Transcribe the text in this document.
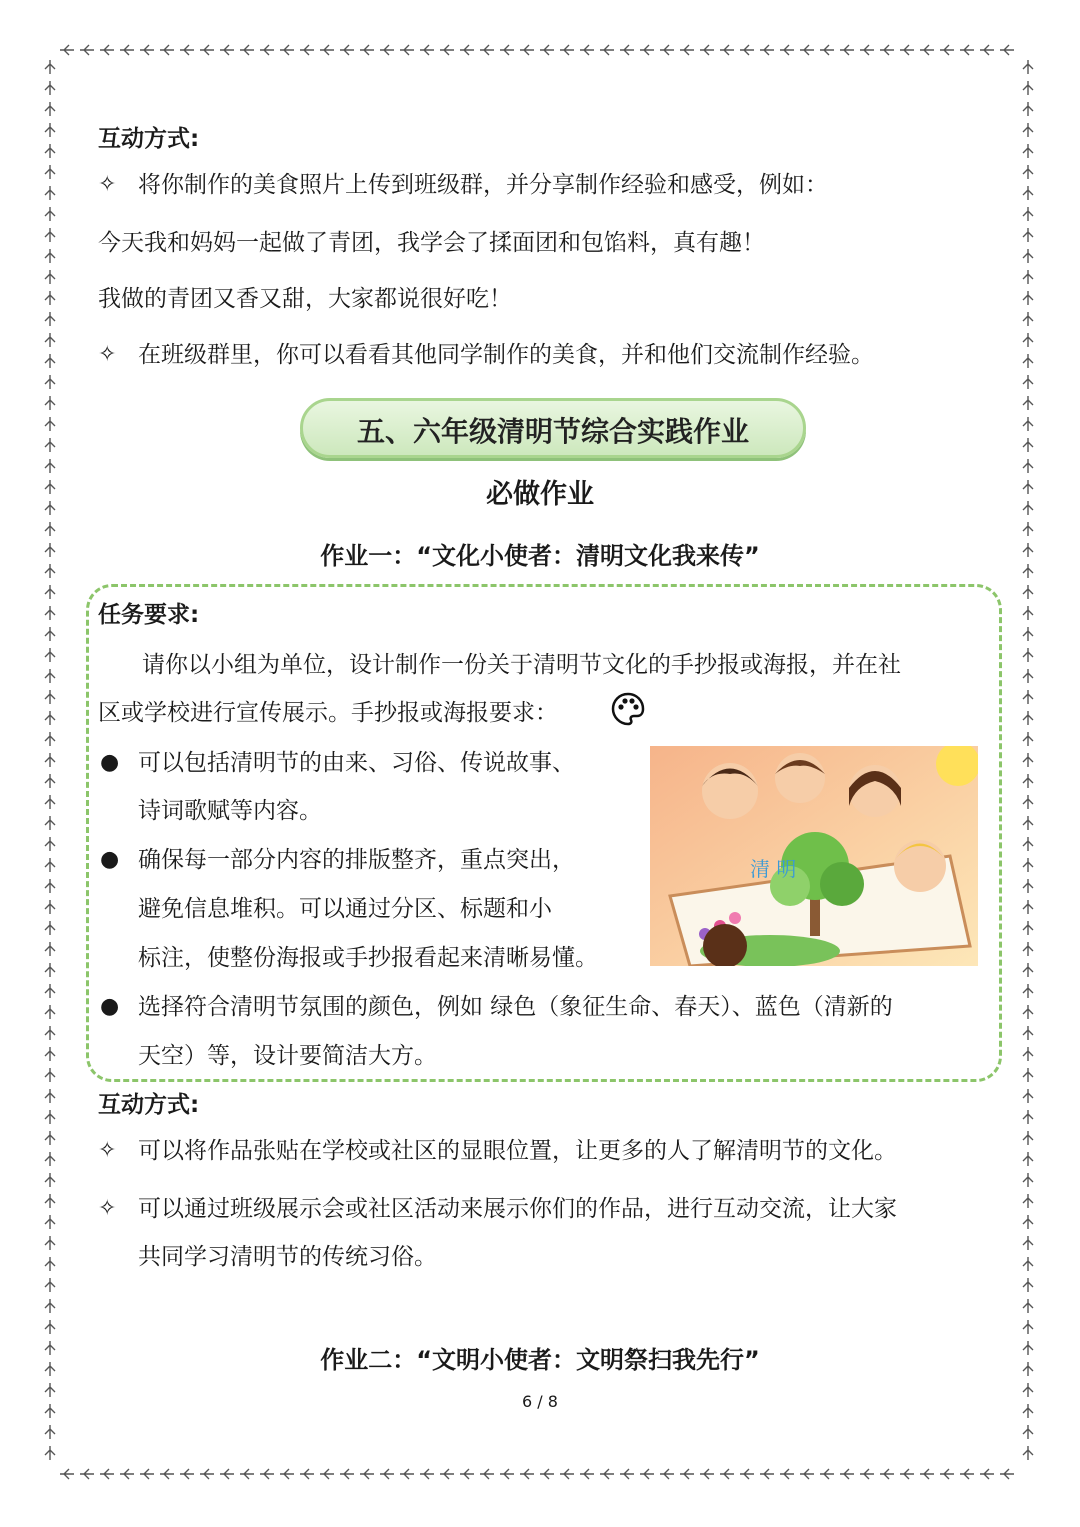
互动方式:
✧ 将你制作的美食照片上传到班级群，并分享制作经验和感受，例如：
今天我和妈妈一起做了青团，我学会了揉面团和包馅料，真有趣！
我做的青团又香又甜，大家都说很好吃！
✧ 在班级群里，你可以看看其他同学制作的美食，并和他们交流制作经验。
五、六年级清明节综合实践作业
必做作业
作业一：“文化小使者：清明文化我来传”
任务要求:
请你以小组为单位，设计制作一份关于清明节文化的手抄报或海报，并在社
区或学校进行宣传展示。手抄报或海报要求：
● 可以包括清明节的由来、习俗、传说故事、
诗词歌赋等内容。
● 确保每一部分内容的排版整齐，重点突出，
避免信息堆积。可以通过分区、标题和小
标注，使整份海报或手抄报看起来清晰易懂。
● 选择符合清明节氛围的颜色，例如 绿色（象征生命、春天）、蓝色（清新的
天空）等，设计要简洁大方。
清 明
互动方式:
✧ 可以将作品张贴在学校或社区的显眼位置，让更多的人了解清明节的文化。
✧ 可以通过班级展示会或社区活动来展示你们的作品，进行互动交流，让大家
共同学习清明节的传统习俗。
作业二：“文明小使者：文明祭扫我先行”
6 / 8
